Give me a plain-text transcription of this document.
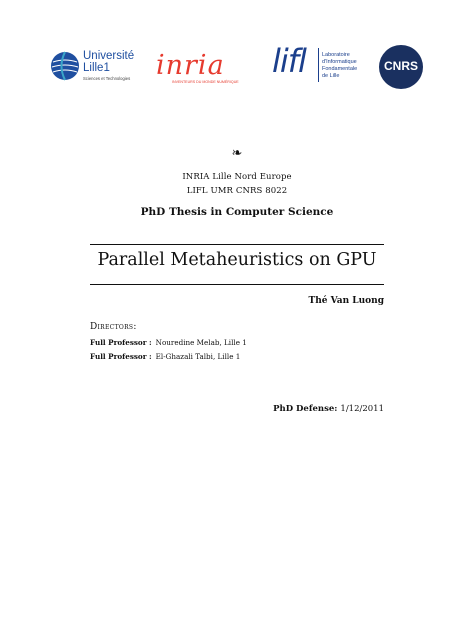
Université
Lille1
Sciences et Technologies inria
INVENTEURS DU MONDE NUMÉRIQUE
lifl	Laboratoire
d'Informatique
Fondamentale
de Lille
CNRS
❧
INRIA Lille Nord Europe
LIFL UMR CNRS 8022
PhD Thesis in Computer Science
Parallel Metaheuristics on GPU
Thé Van Luong
Directors:
Full Professor : Nouredine Melab, Lille 1
Full Professor : El-Ghazali Talbi, Lille 1
PhD Defense: 1/12/2011
